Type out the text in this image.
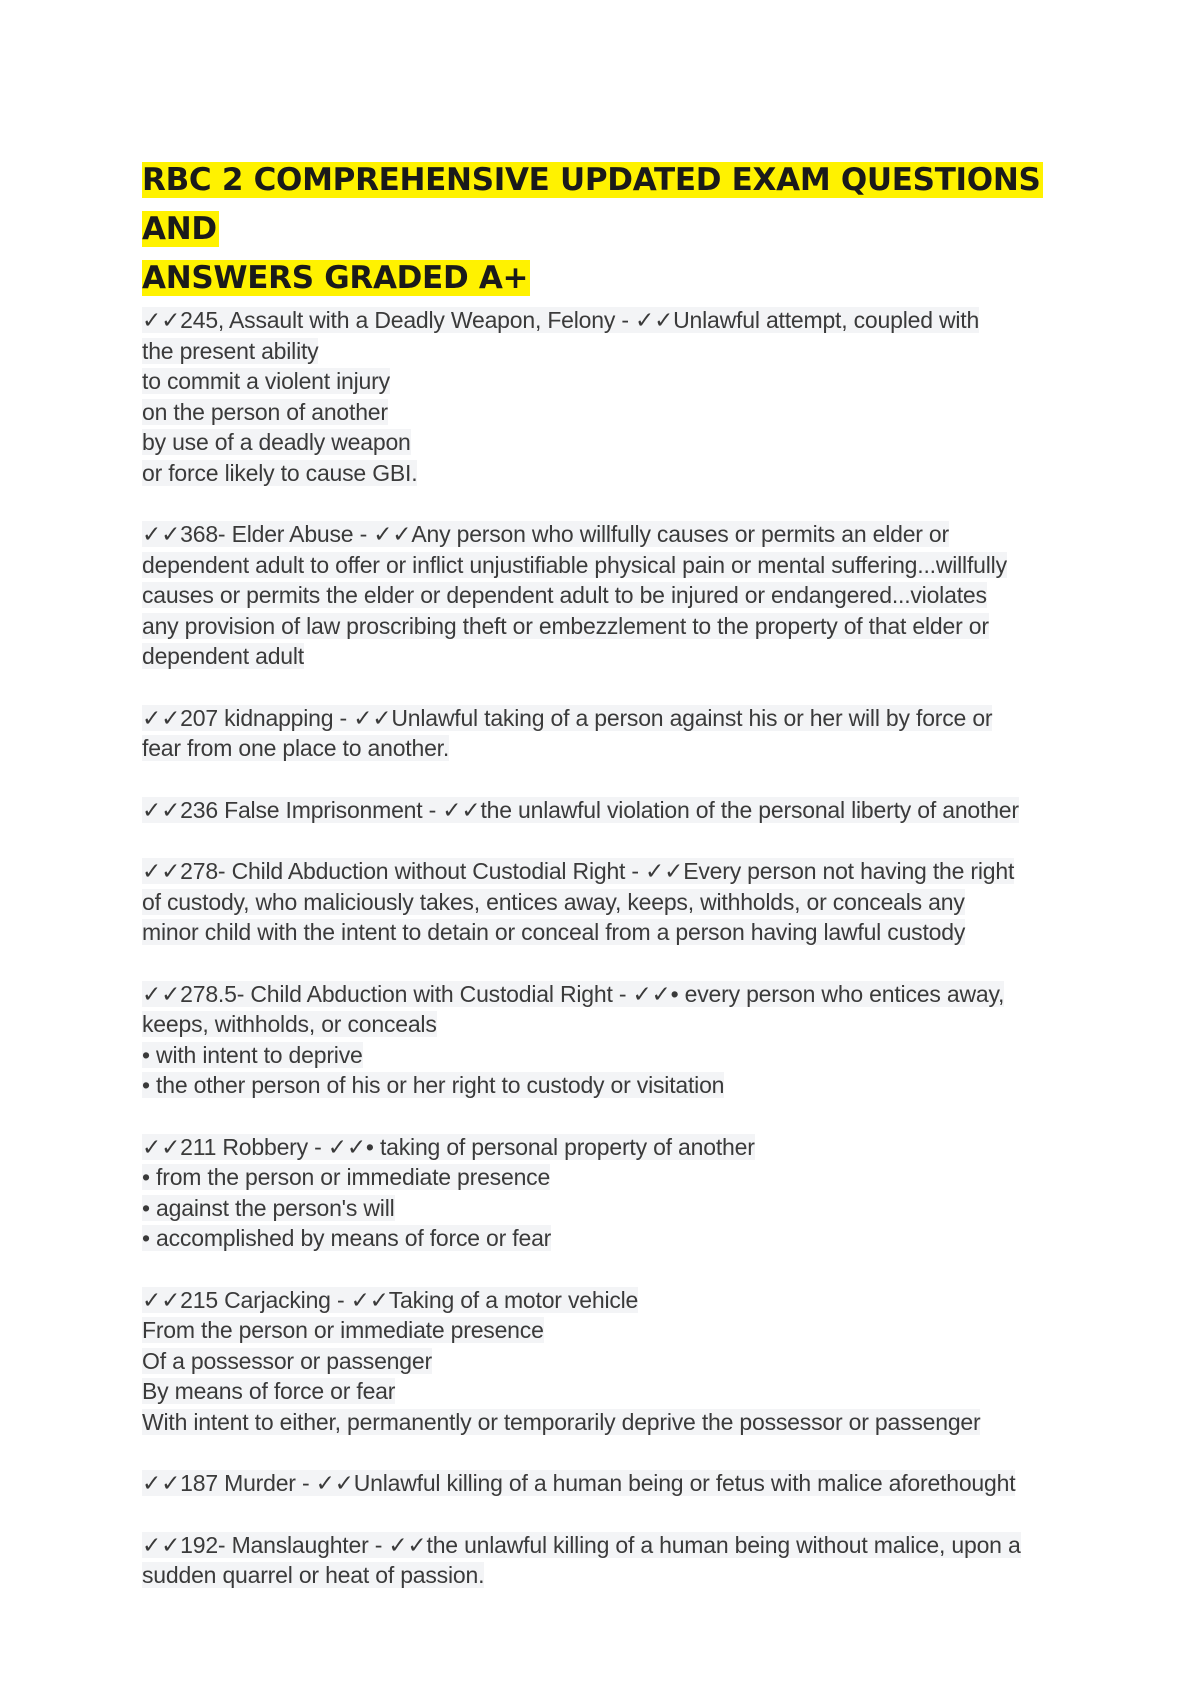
RBC 2 COMPREHENSIVE UPDATED EXAM QUESTIONS AND
ANSWERS GRADED A+
✓✓245, Assault with a Deadly Weapon, Felony - ✓✓Unlawful attempt, coupled with
the present ability
to commit a violent injury
on the person of another
by use of a deadly weapon
or force likely to cause GBI.
✓✓368- Elder Abuse - ✓✓Any person who willfully causes or permits an elder or
dependent adult to offer or inflict unjustifiable physical pain or mental suffering...willfully
causes or permits the elder or dependent adult to be injured or endangered...violates
any provision of law proscribing theft or embezzlement to the property of that elder or
dependent adult
✓✓207 kidnapping - ✓✓Unlawful taking of a person against his or her will by force or
fear from one place to another.
✓✓236 False Imprisonment - ✓✓the unlawful violation of the personal liberty of another
✓✓278- Child Abduction without Custodial Right - ✓✓Every person not having the right
of custody, who maliciously takes, entices away, keeps, withholds, or conceals any
minor child with the intent to detain or conceal from a person having lawful custody
✓✓278.5- Child Abduction with Custodial Right - ✓✓• every person who entices away,
keeps, withholds, or conceals
• with intent to deprive
• the other person of his or her right to custody or visitation
✓✓211 Robbery - ✓✓• taking of personal property of another
• from the person or immediate presence
• against the person's will
• accomplished by means of force or fear
✓✓215 Carjacking - ✓✓Taking of a motor vehicle
From the person or immediate presence
Of a possessor or passenger
By means of force or fear
With intent to either, permanently or temporarily deprive the possessor or passenger
✓✓187 Murder - ✓✓Unlawful killing of a human being or fetus with malice aforethought
✓✓192- Manslaughter - ✓✓the unlawful killing of a human being without malice, upon a
sudden quarrel or heat of passion.
